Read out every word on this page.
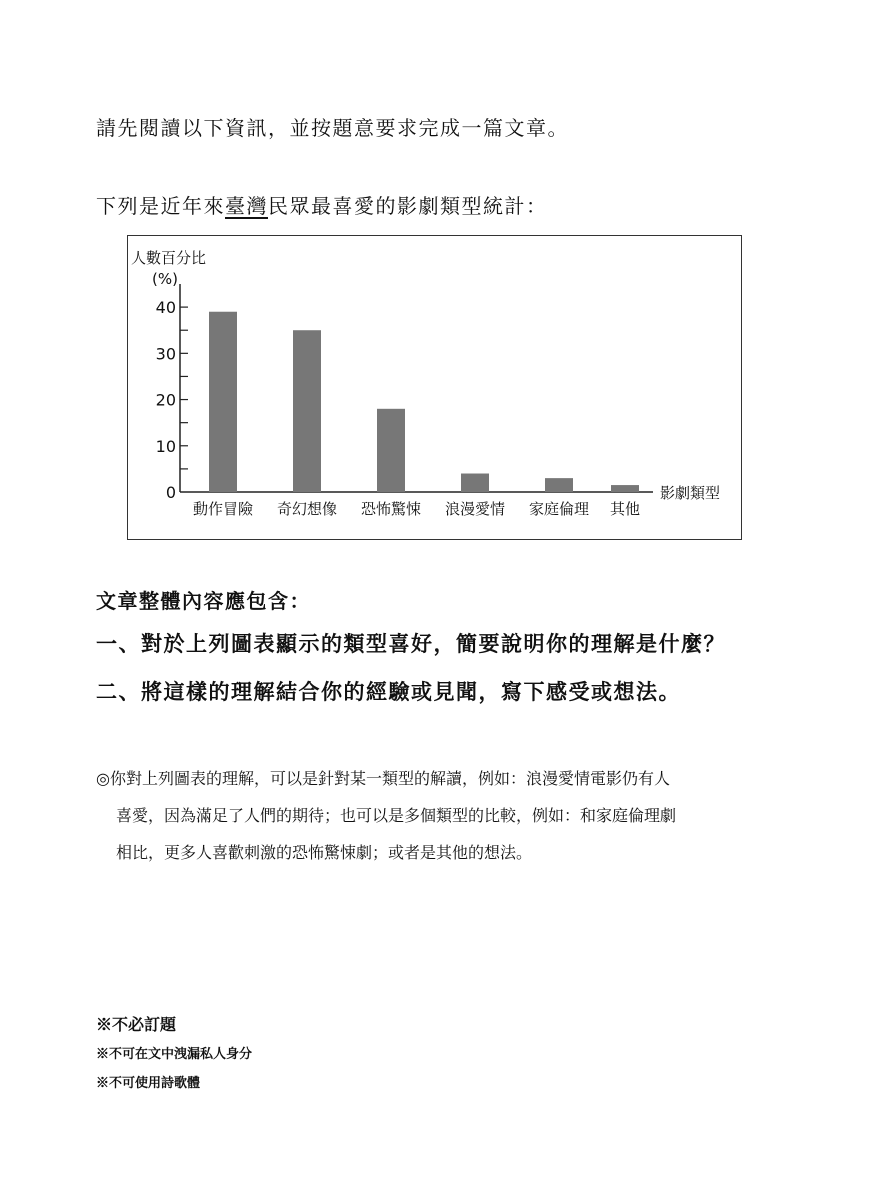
請先閱讀以下資訊，並按題意要求完成一篇文章。
下列是近年來臺灣民眾最喜愛的影劇類型統計：
0
10
20
30
40
人數百分比
(%)
動作冒險 奇幻想像 恐怖驚悚 浪漫愛情 家庭倫理 其他
影劇類型
文章整體內容應包含：
一、對於上列圖表顯示的類型喜好，簡要說明你的理解是什麼？
二、將這樣的理解結合你的經驗或見聞，寫下感受或想法。
◎你對上列圖表的理解，可以是針對某一類型的解讀，例如：浪漫愛情電影仍有人
喜愛，因為滿足了人們的期待；也可以是多個類型的比較，例如：和家庭倫理劇
相比，更多人喜歡刺激的恐怖驚悚劇；或者是其他的想法。
※不必訂題
※不可在文中洩漏私人身分
※不可使用詩歌體
